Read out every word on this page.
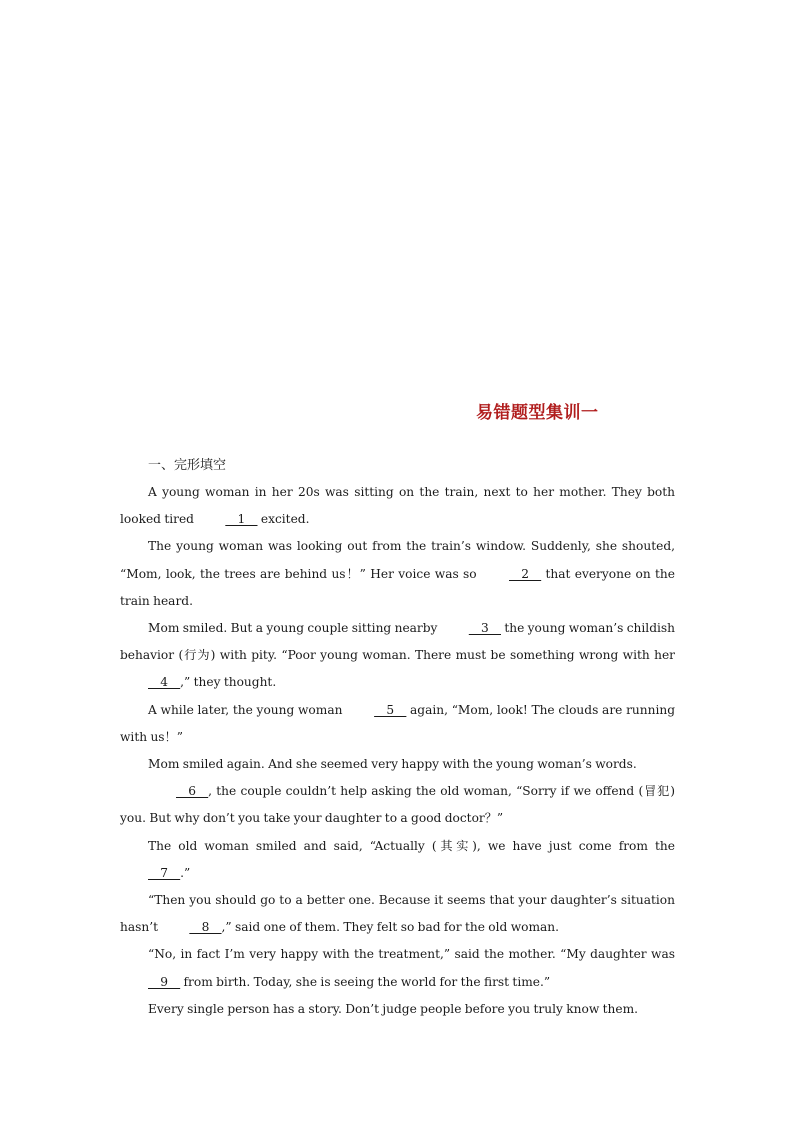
易错题型集训一
一、完形填空

A young woman in her 20s was sitting on the train, next to her mother. They both looked tired __1__ excited.

The young woman was looking out from the train’s window. Suddenly, she shouted, “Mom, look, the trees are behind us！” Her voice was so __2__ that everyone on the train heard.

Mom smiled. But a young couple sitting nearby __3__ the young woman’s childish behavior (行为) with pity. “Poor young woman. There must be something wrong with her __4__,” they thought.

A while later, the young woman __5__ again, “Mom, look! The clouds are running with us！”

Mom smiled again. And she seemed very happy with the young woman’s words.

__6__, the couple couldn’t help asking the old woman, “Sorry if we offend (冒犯) you. But why don’t you take your daughter to a good doctor？”

The old woman smiled and said, “Actually (其实), we have just come from the __7__.”

“Then you should go to a better one. Because it seems that your daughter’s situation hasn’t __8__,” said one of them. They felt so bad for the old woman.

“No, in fact I’m very happy with the treatment,” said the mother. “My daughter was __9__ from birth. Today, she is seeing the world for the first time.”

Every single person has a story. Don’t judge people before you truly know them.
